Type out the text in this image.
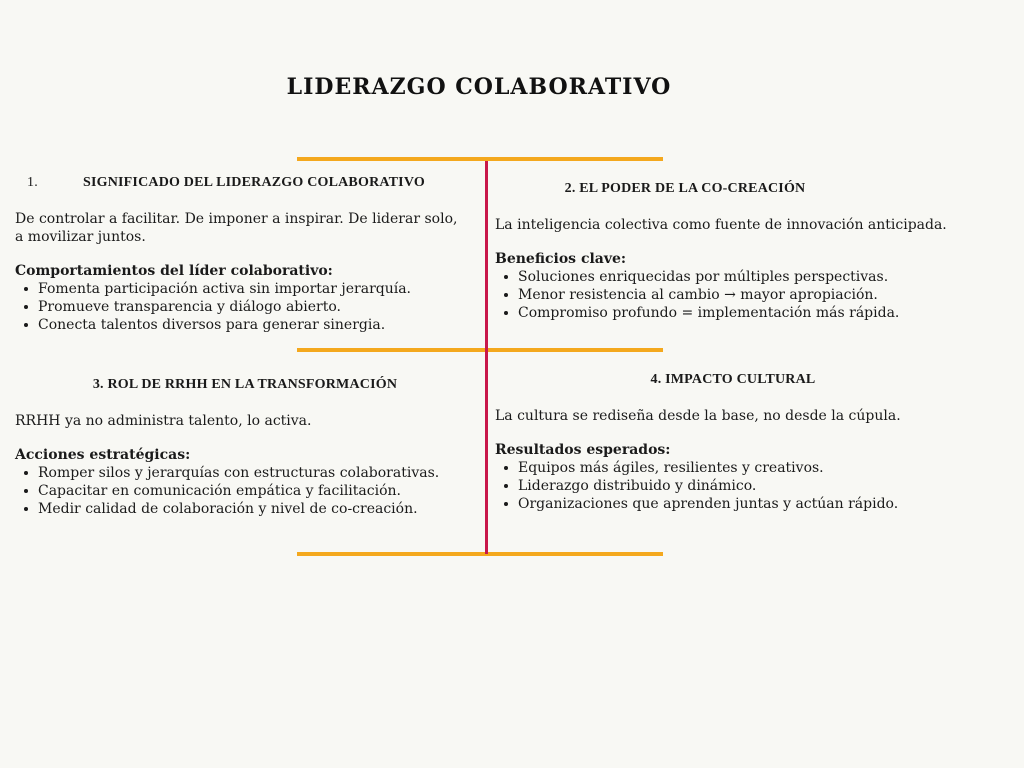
LIDERAZGO COLABORATIVO
1.	SIGNIFICADO DEL LIDERAZGO COLABORATIVO
De controlar a facilitar. De imponer a inspirar. De liderar solo, a movilizar juntos.
Comportamientos del líder colaborativo:
Fomenta participación activa sin importar jerarquía.
Promueve transparencia y diálogo abierto.
Conecta talentos diversos para generar sinergia.
2. EL PODER DE LA CO-CREACIÓN
La inteligencia colectiva como fuente de innovación anticipada.
Beneficios clave:
Soluciones enriquecidas por múltiples perspectivas.
Menor resistencia al cambio → mayor apropiación.
Compromiso profundo = implementación más rápida.
3. ROL DE RRHH EN LA TRANSFORMACIÓN
RRHH ya no administra talento, lo activa.
Acciones estratégicas:
Romper silos y jerarquías con estructuras colaborativas.
Capacitar en comunicación empática y facilitación.
Medir calidad de colaboración y nivel de co-creación.
4. IMPACTO CULTURAL
La cultura se rediseña desde la base, no desde la cúpula.
Resultados esperados:
Equipos más ágiles, resilientes y creativos.
Liderazgo distribuido y dinámico.
Organizaciones que aprenden juntas y actúan rápido.
